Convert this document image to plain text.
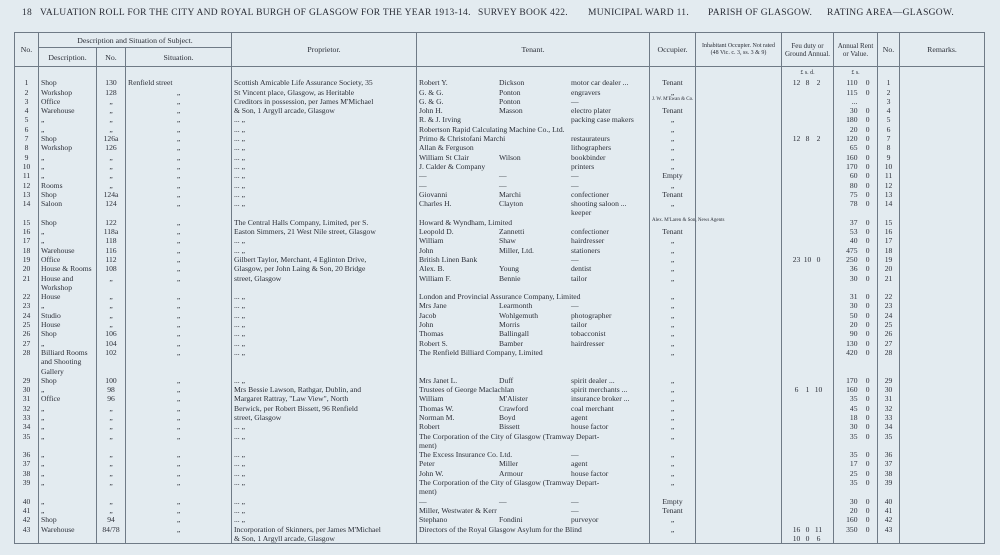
18 VALUATION ROLL FOR THE CITY AND ROYAL BURGH OF GLASGOW FOR THE YEAR 1913-14. SURVEY BOOK 422. MUNICIPAL WARD 11. PARISH OF GLASGOW. RATING AREA—GLASGOW.
No.	Description and Situation of Subject.			Proprietor.	Tenant.	Occupier.	Inhabitant Occupier. Not rated (48 Vic. c. 3, ss. 3 & 9)	Feu duty or Ground Annual.	Annual Rent or Value.	No.	Remarks.
	Description.	No.	Situation.								
								£ s. d.	£ s.		
1	Shop	130	Renfield street	Scottish Amicable Life Assurance Society, 35	Robert Y. Dickson motor car dealer ...	Tenant		12 8 2	110 0	1	
2	Workshop	128	„	St Vincent place, Glasgow, as Heritable	G. & G. Ponton engravers	„			115 0	2	
3	Office	„	„	Creditors in possession, per James M'Michael	G. & G. Ponton —	J. W. M'Ewan & Co.			...	3	
4	Warehouse	„	„	& Son, 1 Argyll arcade, Glasgow	John H. Masson electro plater	Tenant			30 0	4	
5	„	„	„	... „	R. & J. Irving packing case makers	„			180 0	5	
6	„	„	„	... „	Robertson Rapid Calculating Machine Co., Ltd.	„			20 0	6	
7	Shop	126a	„	... „	Primo & Christofani Marchi restaurateurs	„		12 8 2	120 0	7	
8	Workshop	126	„	... „	Allan & Ferguson lithographers	„			65 0	8	
9	„	„	„	... „	William St Clair Wilson bookbinder	„			160 0	9	
10	„	„	„	... „	J. Calder & Company printers	„			170 0	10	
11	„	„	„	... „	— — —	Empty			60 0	11	
12	Rooms	„	„	... „	— — —	„			80 0	12	
13	Shop	124a	„	... „	Giovanni Marchi confectioner	Tenant			75 0	13	
14	Saloon	124	„	... „	Charles H. Clayton shooting saloon ...	„			78 0	14	
					keeper						
15	Shop	122	„	The Central Halls Company, Limited, per S.	Howard & Wyndham, Limited	Alex. M'Laren & Son, News Agents			37 0	15	
16	„	118a	„	Easton Simmers, 21 West Nile street, Glasgow	Leopold D. Zannetti confectioner	Tenant			53 0	16	
17	„	118	„	... „	William Shaw hairdresser	„			40 0	17	
18	Warehouse	116	„	... „	John Miller, Ltd. stationers	„			475 0	18	
19	Office	112	„	Gilbert Taylor, Merchant, 4 Eglinton Drive,	British Linen Bank —	„		23 10 0	250 0	19	
20	House & Rooms	108	„	Glasgow, per John Laing & Son, 20 Bridge	Alex. B. Young dentist	„			36 0	20	
21	House and	„	„	street, Glasgow	William F. Bennie tailor	„			30 0	21	
	Workshop										
22	House	„	„	... „	London and Provincial Assurance Company, Limited	„			31 0	22	
23	„	„	„	... „	Mrs Jane Learmonth —	„			30 0	23	
24	Studio	„	„	... „	Jacob Wohlgemuth photographer	„			50 0	24	
25	House	„	„	... „	John Morris tailor	„			20 0	25	
26	Shop	106	„	... „	Thomas Ballingall tobacconist	„			90 0	26	
27	„	104	„	... „	Robert S. Bamber hairdresser	„			130 0	27	
28	Billiard Rooms	102	„	... „	The Renfield Billiard Company, Limited	„			420 0	28	
	and Shooting										
	Gallery										
29	Shop	100	„	... „	Mrs Janet L. Duff spirit dealer ...	„			170 0	29	
30	„	98	„	Mrs Bessie Lawson, Rathgar, Dublin, and	Trustees of George Maclachlan spirit merchants ...	„		6 1 10	160 0	30	
31	Office	96	„	Margaret Rattray, "Law View", North	William M'Alister insurance broker ...	„			35 0	31	
32	„	„	„	Berwick, per Robert Bissett, 96 Renfield	Thomas W. Crawford coal merchant	„			45 0	32	
33	„	„	„	street, Glasgow	Norman M. Boyd agent	„			18 0	33	
34	„	„	„	... „	Robert Bissett house factor	„			30 0	34	
35	„	„	„	... „	The Corporation of the City of Glasgow (Tramway Depart-	„			35 0	35	
					ment)						
36	„	„	„	... „	The Excess Insurance Co. Ltd. —	„			35 0	36	
37	„	„	„	... „	Peter Miller agent	„			17 0	37	
38	„	„	„	... „	John W. Armour house factor	„			25 0	38	
39	„	„	„	... „	The Corporation of the City of Glasgow (Tramway Depart-	„			35 0	39	
					ment)						
40	„	„	„	... „	— — —	Empty			30 0	40	
41	„	„	„	... „	Miller, Westwater & Kerr —	Tenant			20 0	41	
42	Shop	94	„	... „	Stephano Fondini purveyor	„			160 0	42	
43	Warehouse	84/78	„	Incorporation of Skinners, per James M'Michael	Directors of the Royal Glasgow Asylum for the Blind	„		16 0 11	350 0	43	
				& Son, 1 Argyll arcade, Glasgow				10 0 6			
